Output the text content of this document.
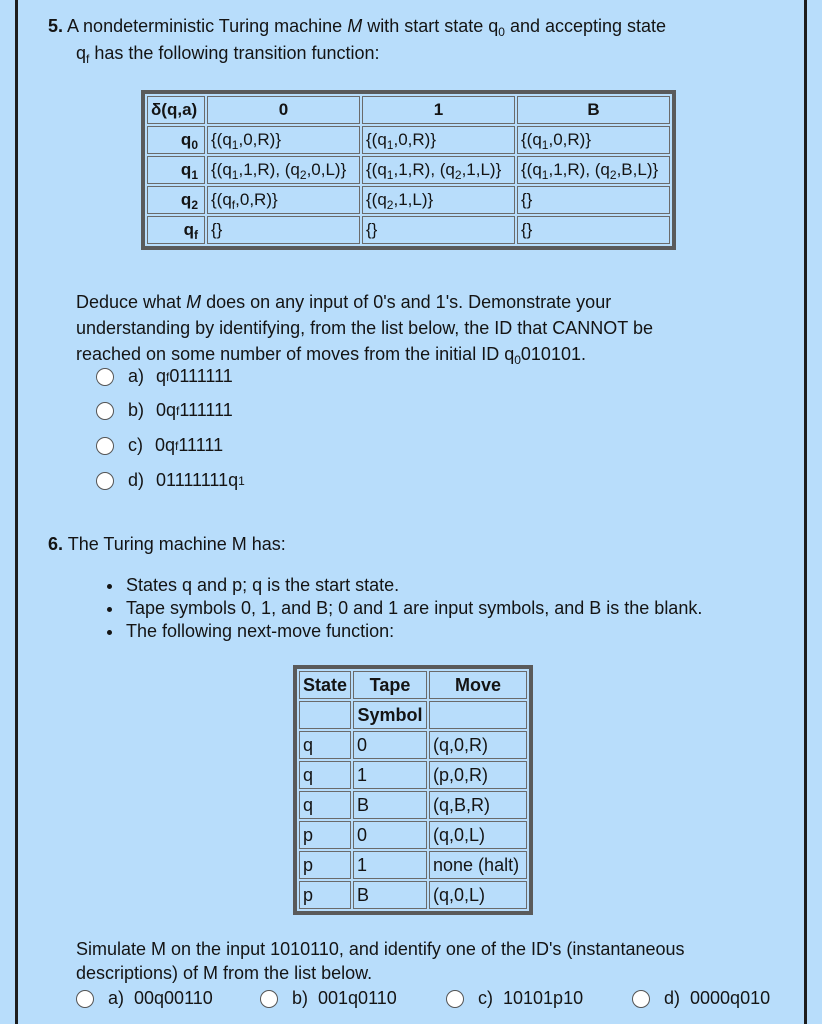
5. A nondeterministic Turing machine M with start state $q_0$ and accepting state
$q_f$ has the following transition function:
δ(q,a)	0	1	B
$q_0$	$\{(q_1,0,R)\}$	$\{(q_1,0,R)\}$	$\{(q_1,0,R)\}$
$q_1$	{$(q_1,1,R)$, $(q_2,0,L)$}	{$(q_1,1,R)$, $(q_2,1,L)$}	{$(q_1,1,R)$, $(q_2,B,L)$}
$q_2$	$\{(q_f,0,R)\}$	$\{(q_2,1,L)\}$	{}
$q_f$	{}	{}	{}
Deduce what M does on any input of 0's and 1's. Demonstrate your
understanding by identifying, from the list below, the ID that CANNOT be
reached on some number of moves from the initial ID $q_0010101$.
a) q f 0111111
b) 0q f 111111
c) 0q f 11111
d) 01111111q 1
6. The Turing machine M has:
• States q and p; q is the start state.
• Tape symbols 0, 1, and B; 0 and 1 are input symbols, and B is the blank.
• The following next-move function:
State	Tape	Move
	Symbol	
q	0	(q,0,R)
q	1	(p,0,R)
q	B	(q,B,R)
p	0	(q,0,L)
p	1	none (halt)
p	B	(q,0,L)
Simulate M on the input 1010110, and identify one of the ID's (instantaneous
descriptions) of M from the list below.
a) 00q00110	b) 001q0110	c) 10101p10	d) 0000q010
